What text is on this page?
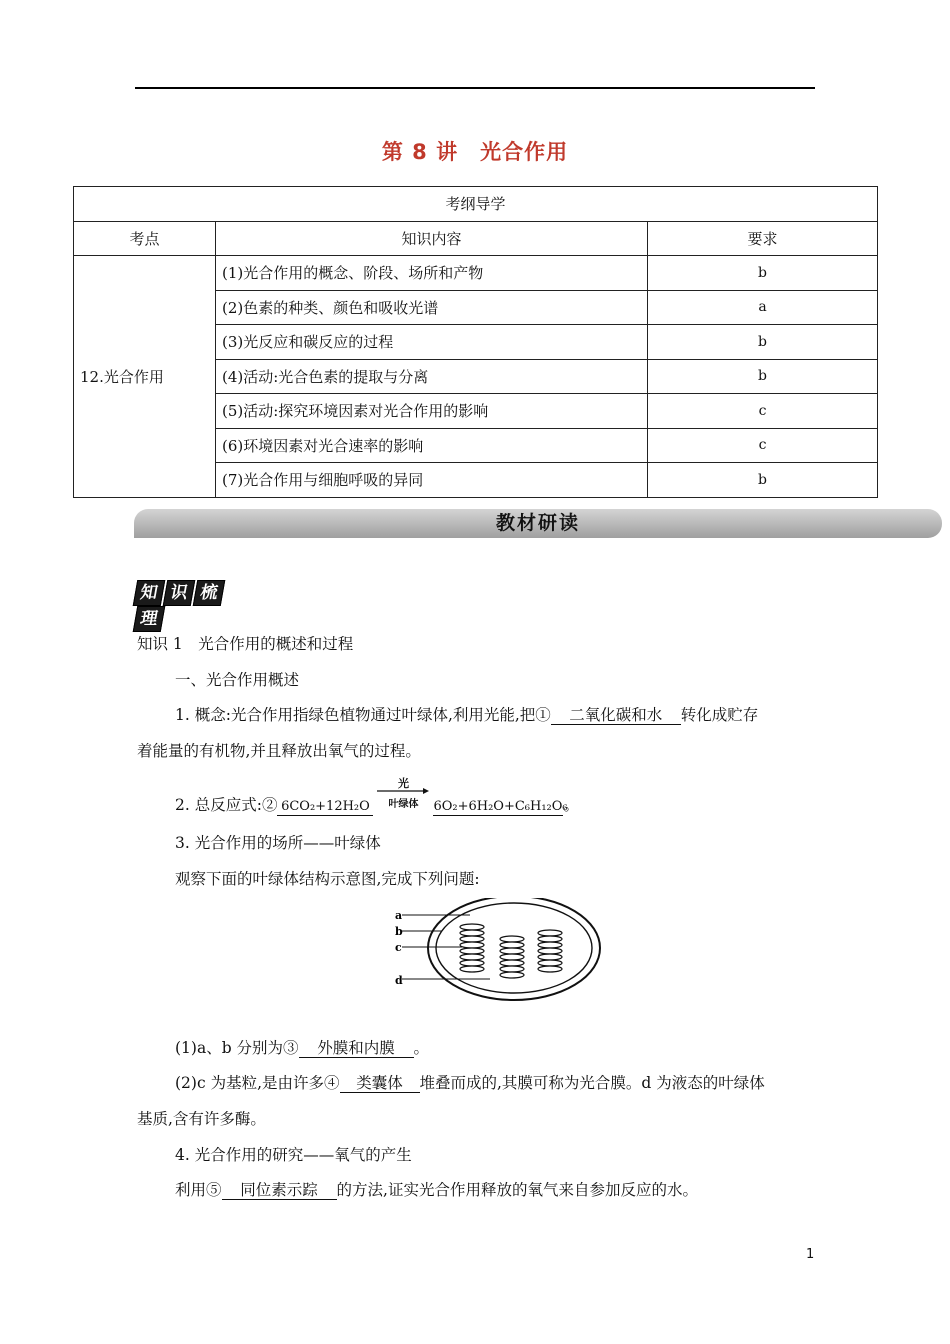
第 8 讲 光合作用
考纲导学		
考点	知识内容	要求
12.光合作用	(1)光合作用的概念、阶段、场所和产物	b
	(2)色素的种类、颜色和吸收光谱	a
	(3)光反应和碳反应的过程	b
	(4)活动:光合色素的提取与分离	b
	(5)活动:探究环境因素对光合作用的影响	c
	(6)环境因素对光合速率的影响	c
	(7)光合作用与细胞呼吸的异同	b
教材研读
知 识 梳理
知识 1　光合作用的概述和过程
一、光合作用概述
1. 概念:光合作用指绿色植物通过叶绿体,利用光能,把① 二氧化碳和水 转化成贮存
着能量的有机物,并且释放出氧气的过程。
2. 总反应式:② 6CO₂+12H₂O
光
叶绿体	6O₂+6H₂O+C₆H₁₂O₆。
3. 光合作用的场所——叶绿体
观察下面的叶绿体结构示意图,完成下列问题:
a
b
c
d
(1)a、b 分别为③ 外膜和内膜 。
(2)c 为基粒,是由许多④ 类囊体 堆叠而成的,其膜可称为光合膜。d 为液态的叶绿体
基质,含有许多酶。
4. 光合作用的研究——氧气的产生
利用⑤ 同位素示踪 的方法,证实光合作用释放的氧气来自参加反应的水。
1
